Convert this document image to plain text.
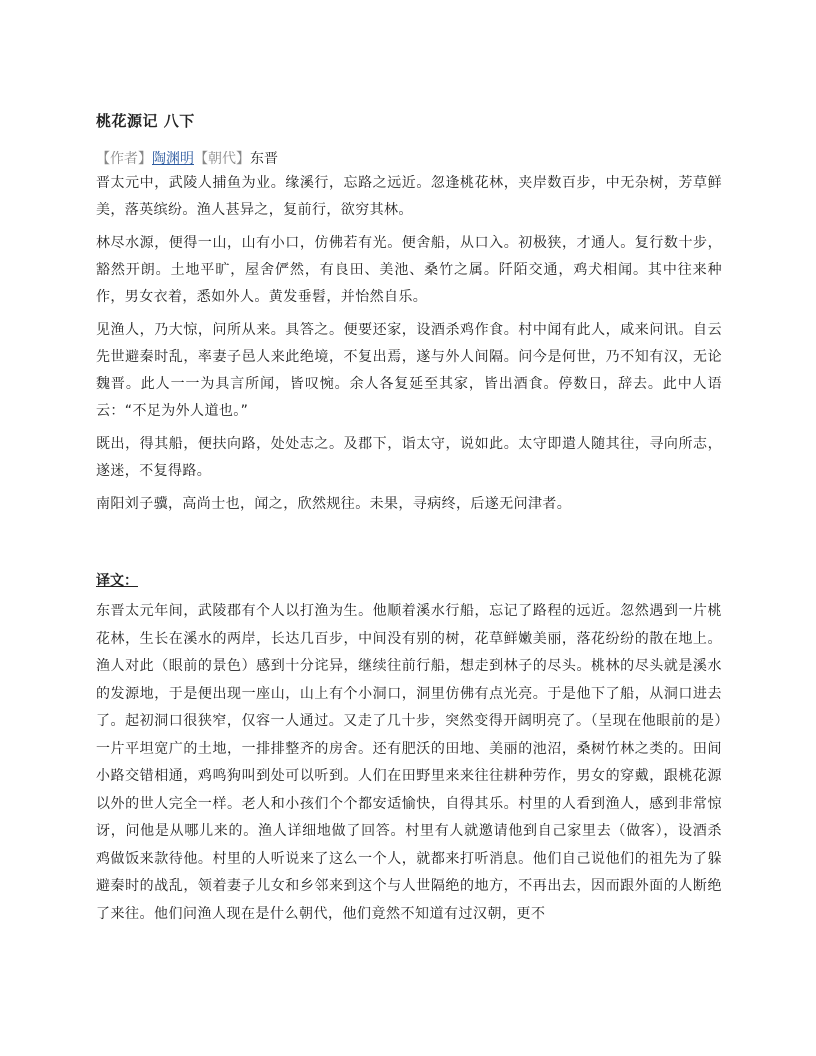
桃花源记 八下

【作者】陶渊明【朝代】东晋

晋太元中，武陵人捕鱼为业。缘溪行，忘路之远近。忽逢桃花林，夹岸数百步，中无杂树，芳草鲜美，落英缤纷。渔人甚异之，复前行，欲穷其林。

林尽水源，便得一山，山有小口，仿佛若有光。便舍船，从口入。初极狭，才通人。复行数十步，豁然开朗。土地平旷，屋舍俨然，有良田、美池、桑竹之属。阡陌交通，鸡犬相闻。其中往来种作，男女衣着，悉如外人。黄发垂髫，并怡然自乐。

见渔人，乃大惊，问所从来。具答之。便要还家，设酒杀鸡作食。村中闻有此人，咸来问讯。自云先世避秦时乱，率妻子邑人来此绝境，不复出焉，遂与外人间隔。问今是何世，乃不知有汉，无论魏晋。此人一一为具言所闻，皆叹惋。余人各复延至其家，皆出酒食。停数日，辞去。此中人语云：“不足为外人道也。”

既出，得其船，便扶向路，处处志之。及郡下，诣太守，说如此。太守即遣人随其往，寻向所志，遂迷，不复得路。

南阳刘子骥，高尚士也，闻之，欣然规往。未果，寻病终，后遂无问津者。

译文：

东晋太元年间，武陵郡有个人以打渔为生。他顺着溪水行船，忘记了路程的远近。忽然遇到一片桃花林，生长在溪水的两岸，长达几百步，中间没有别的树，花草鲜嫩美丽，落花纷纷的散在地上。渔人对此（眼前的景色）感到十分诧异，继续往前行船，想走到林子的尽头。桃林的尽头就是溪水的发源地，于是便出现一座山，山上有个小洞口，洞里仿佛有点光亮。于是他下了船，从洞口进去了。起初洞口很狭窄，仅容一人通过。又走了几十步，突然变得开阔明亮了。（呈现在他眼前的是）一片平坦宽广的土地，一排排整齐的房舍。还有肥沃的田地、美丽的池沼，桑树竹林之类的。田间小路交错相通，鸡鸣狗叫到处可以听到。人们在田野里来来往往耕种劳作，男女的穿戴，跟桃花源以外的世人完全一样。老人和小孩们个个都安适愉快，自得其乐。村里的人看到渔人，感到非常惊讶，问他是从哪儿来的。渔人详细地做了回答。村里有人就邀请他到自己家里去（做客），设酒杀鸡做饭来款待他。村里的人听说来了这么一个人，就都来打听消息。他们自己说他们的祖先为了躲避秦时的战乱，领着妻子儿女和乡邻来到这个与人世隔绝的地方，不再出去，因而跟外面的人断绝了来往。他们问渔人现在是什么朝代，他们竟然不知道有过汉朝，更不
